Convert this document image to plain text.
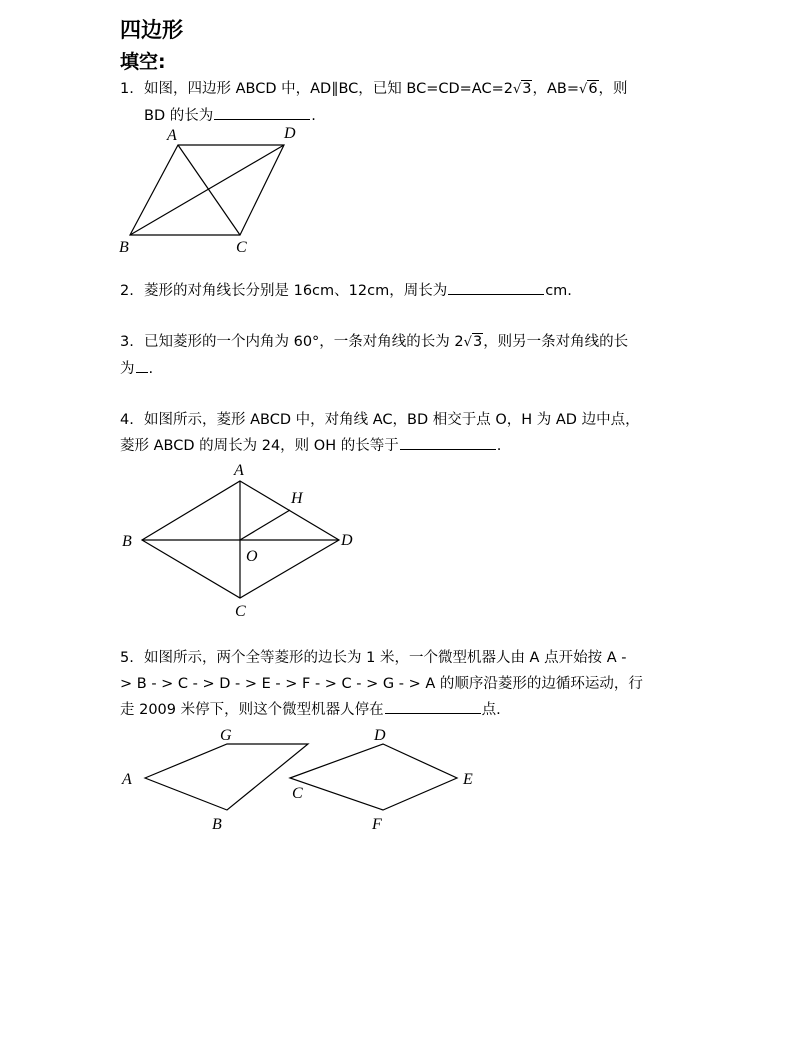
四边形
填空:
1. 如图，四边形 ABCD 中，AD∥BC，已知 BC=CD=AC=2√3，AB=√6，则
BD 的长为	.
A	D
B	C
2. 菱形的对角线长分别是 16cm、12cm，周长为	cm.
3. 已知菱形的一个内角为 60°，一条对角线的长为 2√3，则另一条对角线的长
为 .
4. 如图所示，菱形 ABCD 中，对角线 AC，BD 相交于点 O，H 为 AD 边中点，
菱形 ABCD 的周长为 24，则 OH 的长等于	.
A
H
B	D
O
C
5. 如图所示，两个全等菱形的边长为 1 米，一个微型机器人由 A 点开始按 A -
> B - > C - > D - > E - > F - > C - > G - > A 的顺序沿菱形的边循环运动，行
走 2009 米停下，则这个微型机器人停在	点.
G	D
A
C
E
B	F
